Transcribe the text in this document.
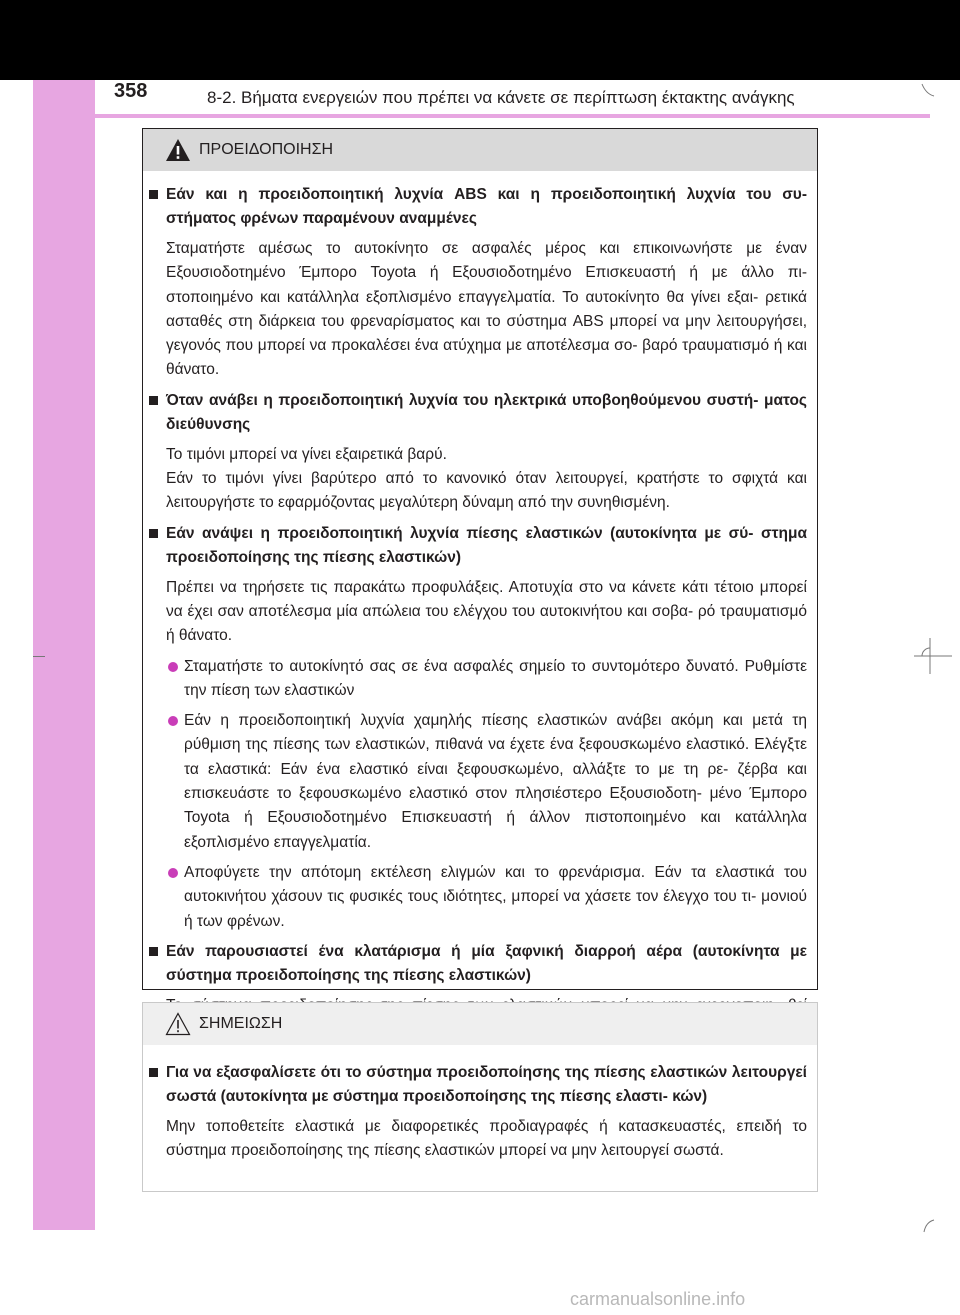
358	8-2. Βήματα ενεργειών που πρέπει να κάνετε σε περίπτωση έκτακτης ανάγκης
ΠΡΟΕΙΔΟΠΟΙΗΣΗ
Εάν και η προειδοποιητική λυχνία ABS και η προειδοποιητική λυχνία του συ- στήματος φρένων παραμένουν αναμμένες
Σταματήστε αμέσως το αυτοκίνητο σε ασφαλές μέρος και επικοινωνήστε με έναν Εξουσιοδοτημένο Έμπορο Toyota ή Εξουσιοδοτημένο Επισκευαστή ή με άλλο πι- στοποιημένο και κατάλληλα εξοπλισμένο επαγγελματία. Το αυτοκίνητο θα γίνει εξαι- ρετικά ασταθές στη διάρκεια του φρεναρίσματος και το σύστημα ABS μπορεί να μην λειτουργήσει, γεγονός που μπορεί να προκαλέσει ένα ατύχημα με αποτέλεσμα σο- βαρό τραυματισμό ή και θάνατο.
Όταν ανάβει η προειδοποιητική λυχνία του ηλεκτρικά υποβοηθούμενου συστή- ματος διεύθυνσης
Το τιμόνι μπορεί να γίνει εξαιρετικά βαρύ.
Εάν το τιμόνι γίνει βαρύτερο από το κανονικό όταν λειτουργεί, κρατήστε το σφιχτά και λειτουργήστε το εφαρμόζοντας μεγαλύτερη δύναμη από την συνηθισμένη.
Εάν ανάψει η προειδοποιητική λυχνία πίεσης ελαστικών (αυτοκίνητα με σύ- στημα προειδοποίησης της πίεσης ελαστικών)
Πρέπει να τηρήσετε τις παρακάτω προφυλάξεις. Αποτυχία στο να κάνετε κάτι τέτοιο μπορεί να έχει σαν αποτέλεσμα μία απώλεια του ελέγχου του αυτοκινήτου και σοβα- ρό τραυματισμό ή θάνατο.
Σταματήστε το αυτοκίνητό σας σε ένα ασφαλές σημείο το συντομότερο δυνατό. Ρυθμίστε την πίεση των ελαστικών
Εάν η προειδοποιητική λυχνία χαμηλής πίεσης ελαστικών ανάβει ακόμη και μετά τη ρύθμιση της πίεσης των ελαστικών, πιθανά να έχετε ένα ξεφουσκωμένο ελαστικό. Ελέγξτε τα ελαστικά: Εάν ένα ελαστικό είναι ξεφουσκωμένο, αλλάξτε το με τη ρε- ζέρβα και επισκευάστε το ξεφουσκωμένο ελαστικό στον πλησιέστερο Εξουσιοδοτη- μένο Έμπορο Toyota ή Εξουσιοδοτημένο Επισκευαστή ή άλλον πιστοποιημένο και κατάλληλα εξοπλισμένο επαγγελματία.
Αποφύγετε την απότομη εκτέλεση ελιγμών και το φρενάρισμα. Εάν τα ελαστικά του αυτοκινήτου χάσουν τις φυσικές τους ιδιότητες, μπορεί να χάσετε τον έλεγχο του τι- μονιού ή των φρένων.
Εάν παρουσιαστεί ένα κλατάρισμα ή μία ξαφνική διαρροή αέρα (αυτοκίνητα με σύστημα προειδοποίησης της πίεσης ελαστικών)
ΣΗΜΕΙΩΣΗ
Για να εξασφαλίσετε ότι το σύστημα προειδοποίησης της πίεσης ελαστικών λειτουργεί σωστά (αυτοκίνητα με σύστημα προειδοποίησης της πίεσης ελαστι- κών)
Μην τοποθετείτε ελαστικά με διαφορετικές προδιαγραφές ή κατασκευαστές, επειδή το σύστημα προειδοποίησης της πίεσης ελαστικών μπορεί να μην λειτουργεί σωστά.
carmanualsonline.info
